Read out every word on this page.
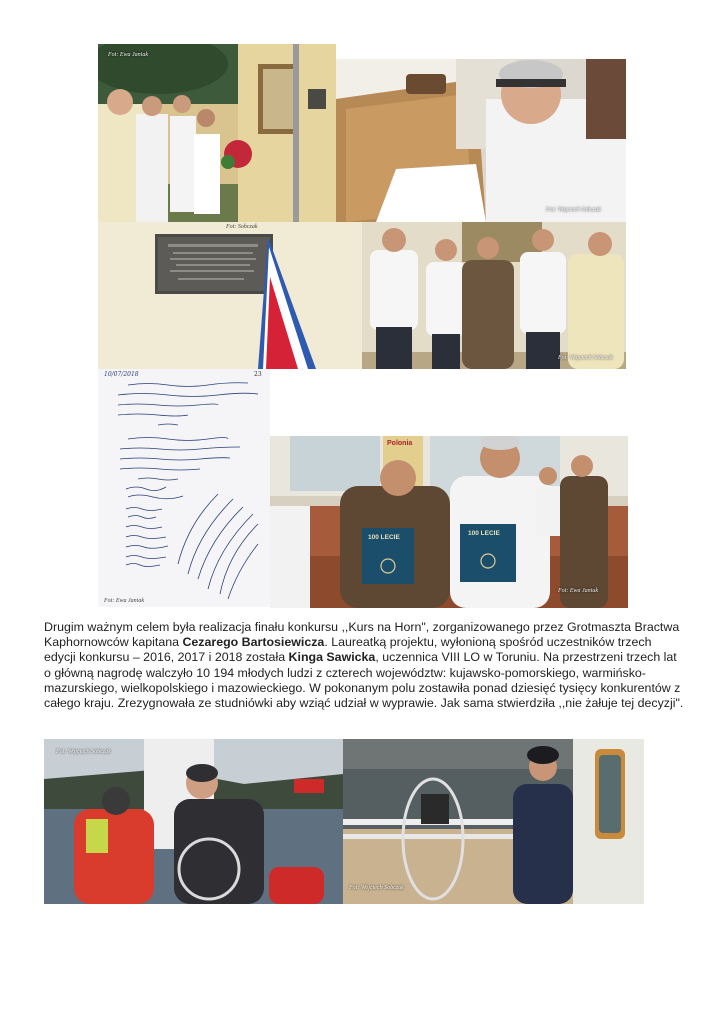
Fot: Ewa Janiak
Fot: Wojciech Sobczak
Fot: Sobczak
Fot: Wojciech Sobczak
10/07/2018	23
Fot: Ewa Janiak
Polonia
100 LECIE
100 LECIE
Fot: Ewa Janiak
Drugim ważnym celem była realizacja finału konkursu ,,Kurs na Horn", zorganizowanego przez Grotmaszta Bractwa Kaphornowców kapitana Cezarego Bartosiewicza. Laureatką projektu, wyłonioną spośród uczestników trzech edycji konkursu – 2016, 2017 i 2018 została Kinga Sawicka, uczennica VIII LO w Toruniu. Na przestrzeni trzech lat o główną nagrodę walczyło 10 194 młodych ludzi z czterech województw: kujawsko-pomorskiego, warmińsko-mazurskiego, wielkopolskiego i mazowieckiego. W pokonanym polu zostawiła ponad dziesięć tysięcy konkurentów z całego kraju. Zrezygnowała ze studniówki aby wziąć udział w wyprawie. Jak sama stwierdziła ,,nie żałuje tej decyzji".
Fot: Wojciech Sobczak
Fot: Wojciech Sobczak
